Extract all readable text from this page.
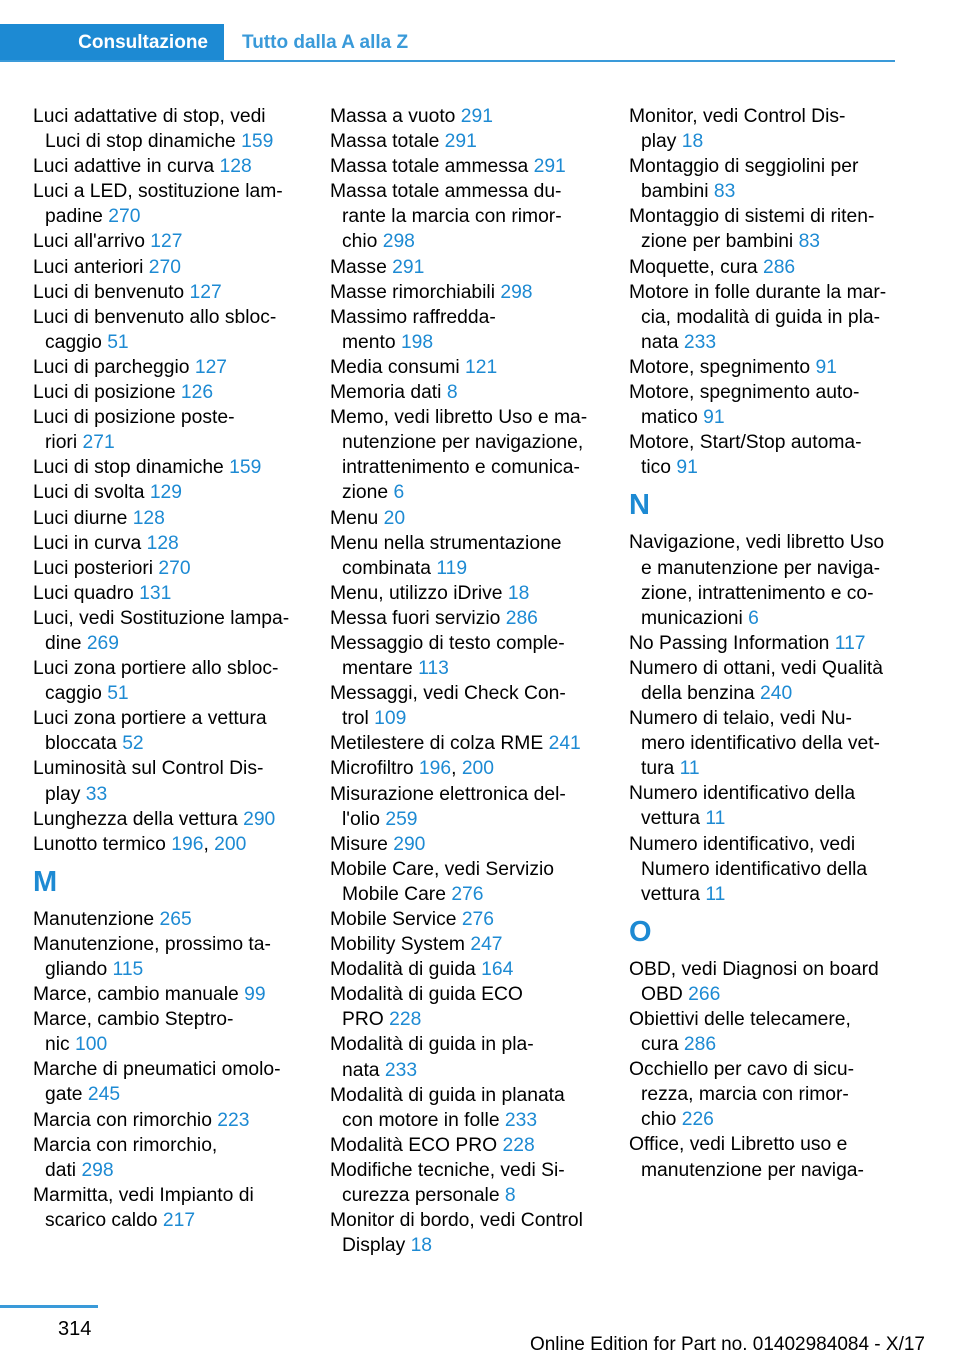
Consultazione Tutto dalla A alla Z
Luci adattative di stop, vedi
Luci di stop dinamiche 159
Luci adattive in curva 128
Luci a LED, sostituzione lam-
padine 270
Luci all'arrivo 127
Luci anteriori 270
Luci di benvenuto 127
Luci di benvenuto allo sbloc-
caggio 51
Luci di parcheggio 127
Luci di posizione 126
Luci di posizione poste-
riori 271
Luci di stop dinamiche 159
Luci di svolta 129
Luci diurne 128
Luci in curva 128
Luci posteriori 270
Luci quadro 131
Luci, vedi Sostituzione lampa-
dine 269
Luci zona portiere allo sbloc-
caggio 51
Luci zona portiere a vettura
bloccata 52
Luminosità sul Control Dis-
play 33
Lunghezza della vettura 290
Lunotto termico 196, 200
M
Manutenzione 265
Manutenzione, prossimo ta-
gliando 115
Marce, cambio manuale 99
Marce, cambio Steptro-
nic 100
Marche di pneumatici omolo-
gate 245
Marcia con rimorchio 223
Marcia con rimorchio,
dati 298
Marmitta, vedi Impianto di
scarico caldo 217
Massa a vuoto 291
Massa totale 291
Massa totale ammessa 291
Massa totale ammessa du-
rante la marcia con rimor-
chio 298
Masse 291
Masse rimorchiabili 298
Massimo raffredda-
mento 198
Media consumi 121
Memoria dati 8
Memo, vedi libretto Uso e ma-
nutenzione per navigazione,
intrattenimento e comunica-
zione 6
Menu 20
Menu nella strumentazione
combinata 119
Menu, utilizzo iDrive 18
Messa fuori servizio 286
Messaggio di testo comple-
mentare 113
Messaggi, vedi Check Con-
trol 109
Metilestere di colza RME 241
Microfiltro 196, 200
Misurazione elettronica del-
l'olio 259
Misure 290
Mobile Care, vedi Servizio
Mobile Care 276
Mobile Service 276
Mobility System 247
Modalità di guida 164
Modalità di guida ECO
PRO 228
Modalità di guida in pla-
nata 233
Modalità di guida in planata
con motore in folle 233
Modalità ECO PRO 228
Modifiche tecniche, vedi Si-
curezza personale 8
Monitor di bordo, vedi Control
Display 18
Monitor, vedi Control Dis-
play 18
Montaggio di seggiolini per
bambini 83
Montaggio di sistemi di riten-
zione per bambini 83
Moquette, cura 286
Motore in folle durante la mar-
cia, modalità di guida in pla-
nata 233
Motore, spegnimento 91
Motore, spegnimento auto-
matico 91
Motore, Start/Stop automa-
tico 91
N
Navigazione, vedi libretto Uso
e manutenzione per naviga-
zione, intrattenimento e co-
municazioni 6
No Passing Information 117
Numero di ottani, vedi Qualità
della benzina 240
Numero di telaio, vedi Nu-
mero identificativo della vet-
tura 11
Numero identificativo della
vettura 11
Numero identificativo, vedi
Numero identificativo della
vettura 11
O
OBD, vedi Diagnosi on board
OBD 266
Obiettivi delle telecamere,
cura 286
Occhiello per cavo di sicu-
rezza, marcia con rimor-
chio 226
Office, vedi Libretto uso e
manutenzione per naviga-
314
Online Edition for Part no. 01402984084 - X/17
